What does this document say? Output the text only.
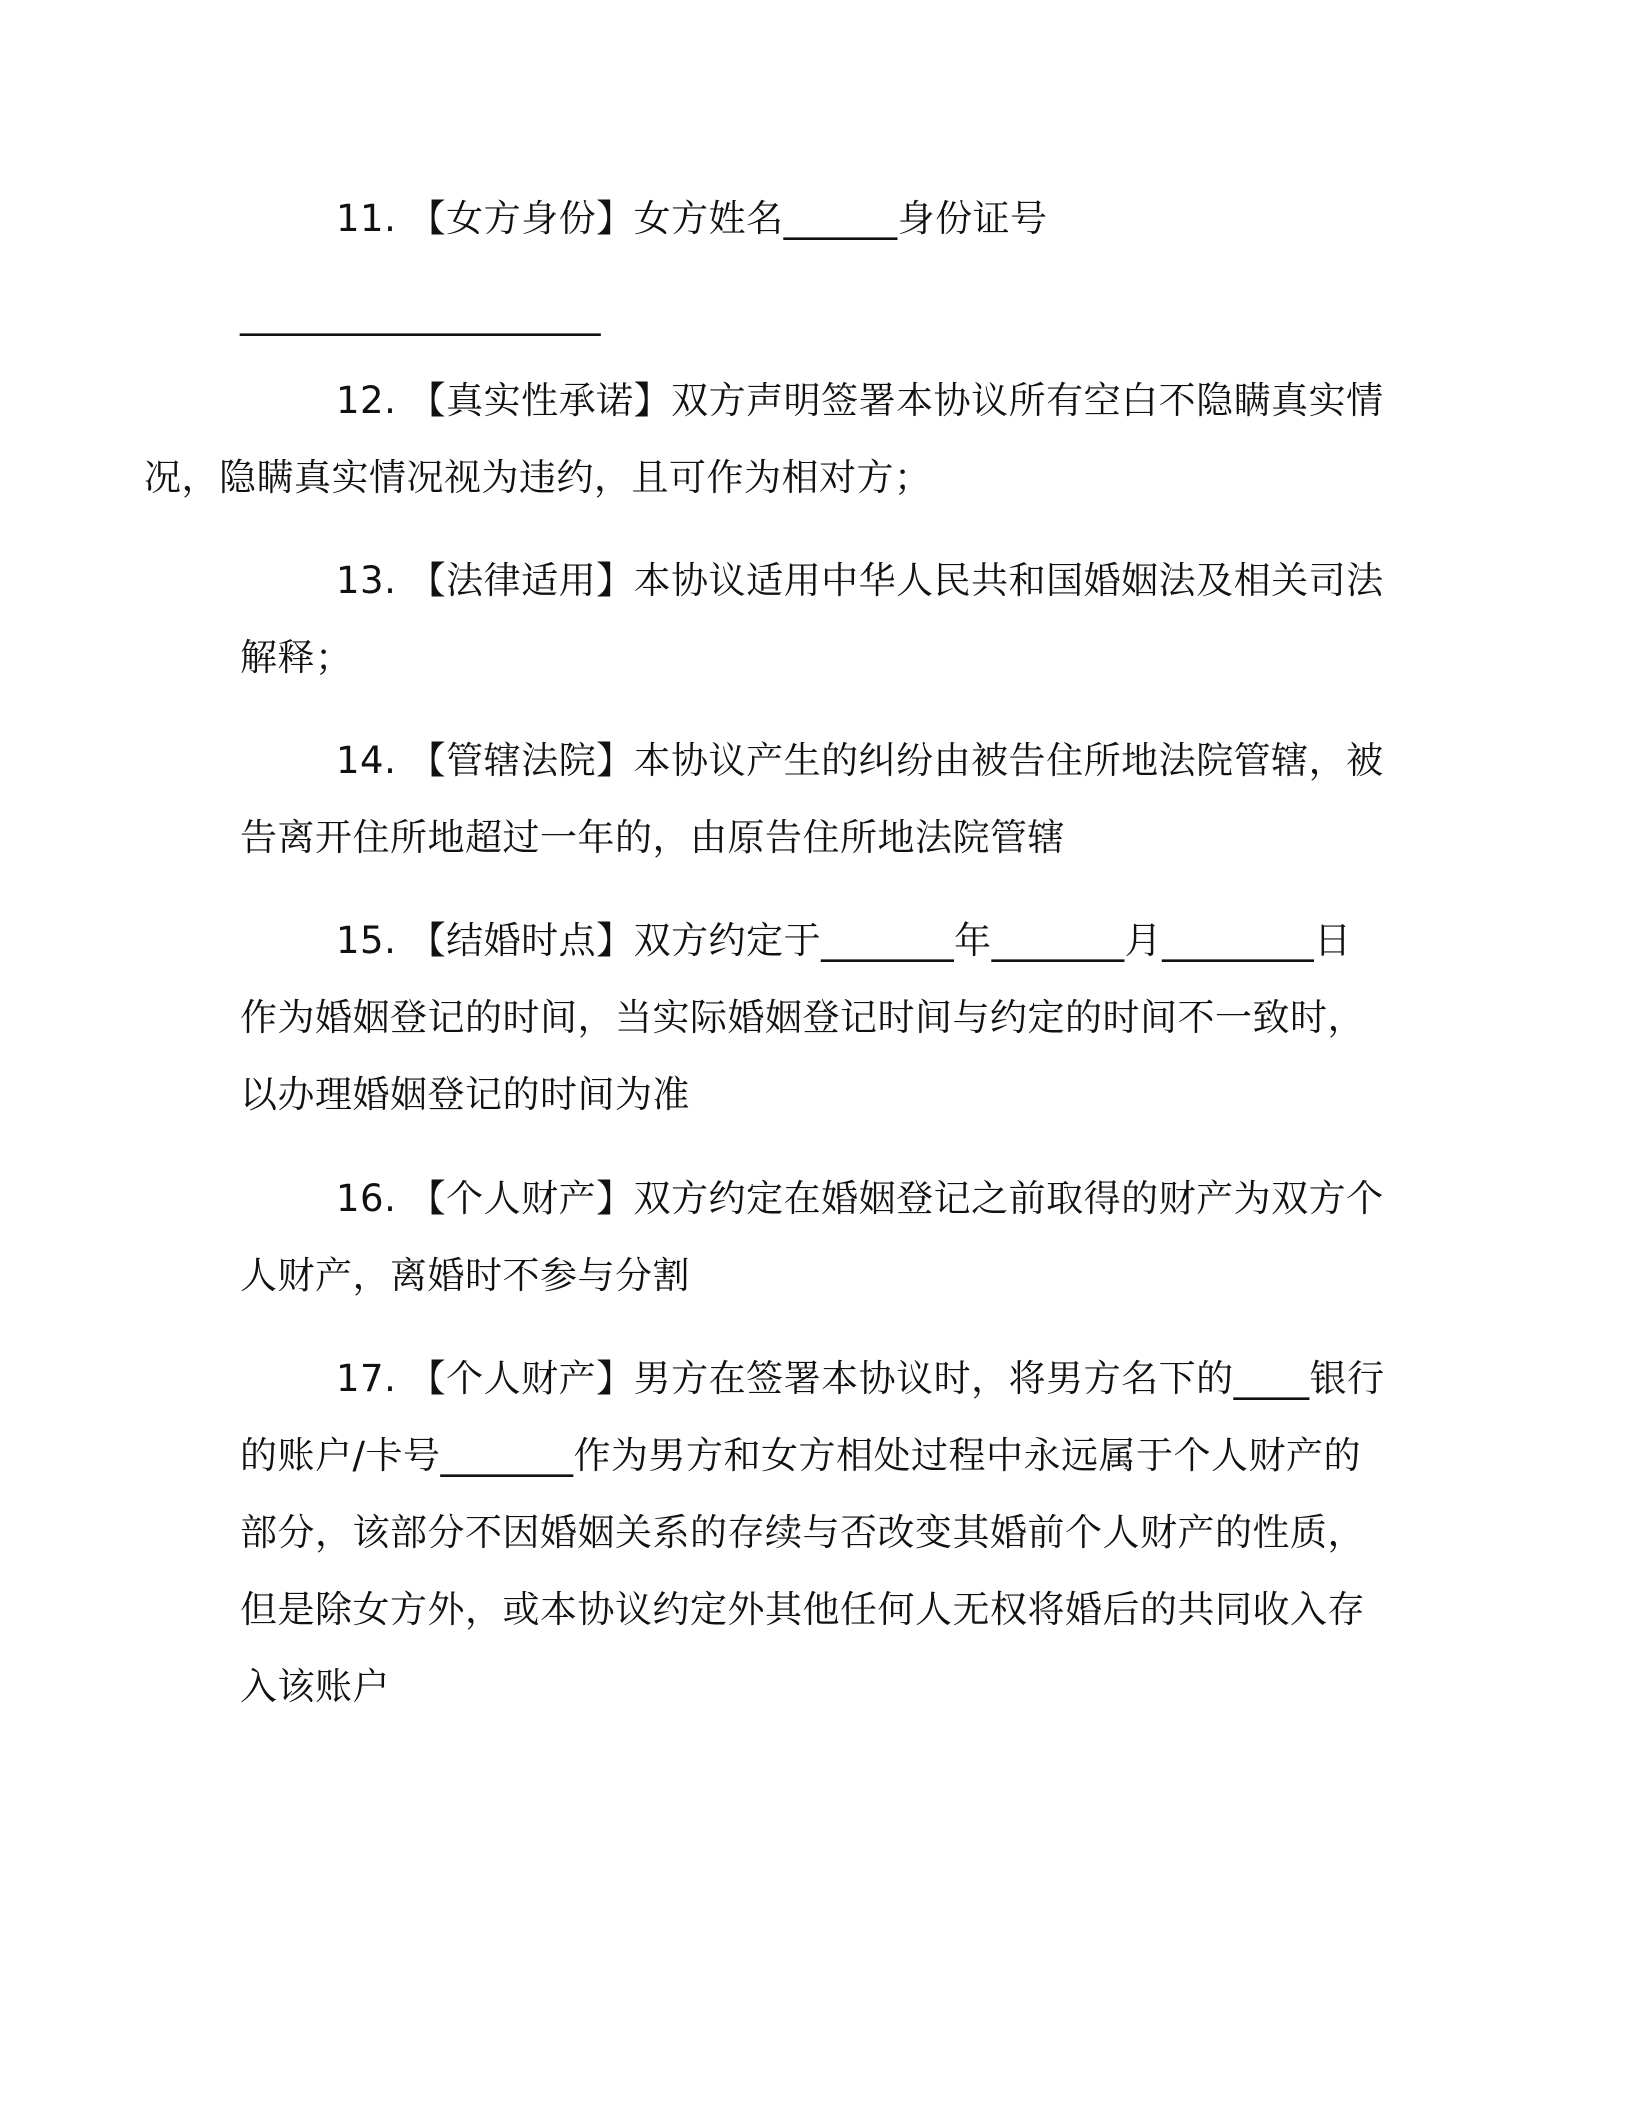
11. 【女方身份】女方姓名______身份证号

___________________

12. 【真实性承诺】双方声明签署本协议所有空白不隐瞒真实情
况，隐瞒真实情况视为违约，且可作为相对方；

13. 【法律适用】本协议适用中华人民共和国婚姻法及相关司法
解释；

14. 【管辖法院】本协议产生的纠纷由被告住所地法院管辖，被
告离开住所地超过一年的，由原告住所地法院管辖

15. 【结婚时点】双方约定于_______年_______月________日
作为婚姻登记的时间，当实际婚姻登记时间与约定的时间不一致时，
以办理婚姻登记的时间为准

16. 【个人财产】双方约定在婚姻登记之前取得的财产为双方个
人财产，离婚时不参与分割

17. 【个人财产】男方在签署本协议时，将男方名下的____银行
的账户/卡号_______作为男方和女方相处过程中永远属于个人财产的
部分，该部分不因婚姻关系的存续与否改变其婚前个人财产的性质，
但是除女方外，或本协议约定外其他任何人无权将婚后的共同收入存
入该账户
